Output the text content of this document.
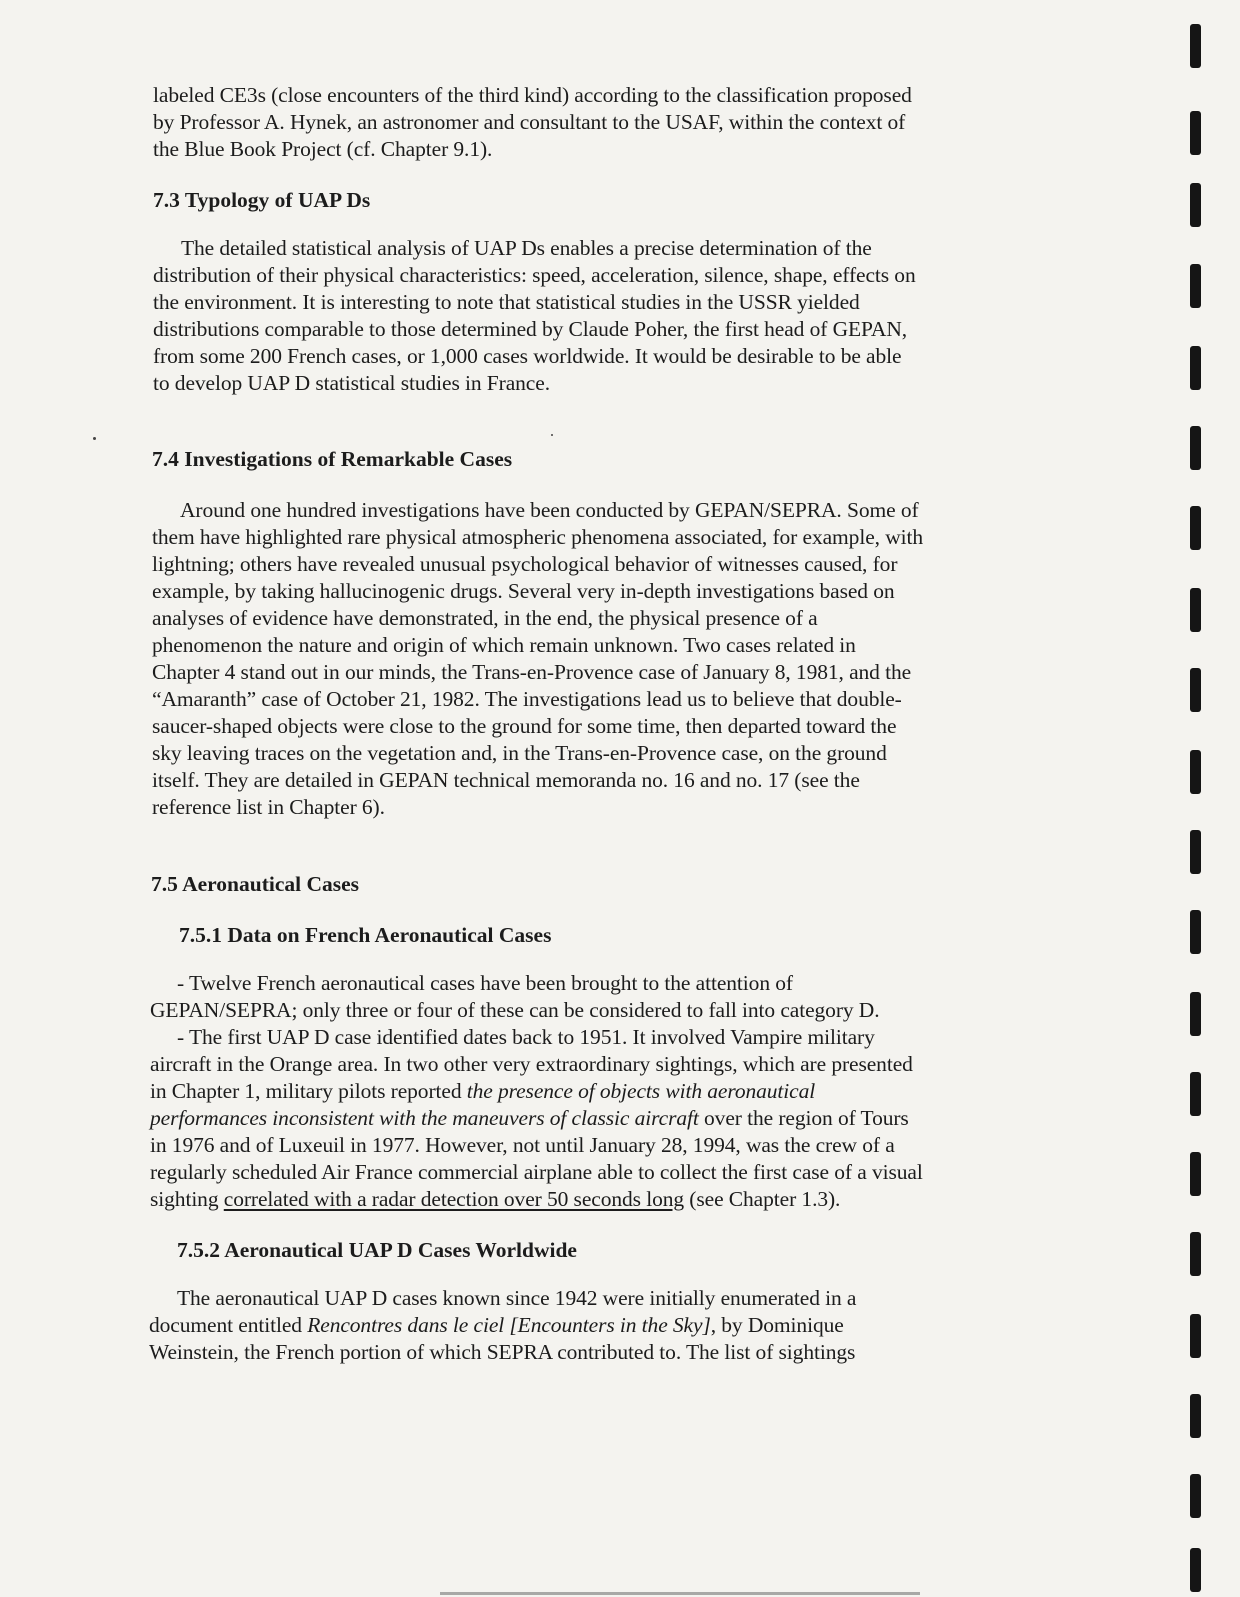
labeled CE3s (close encounters of the third kind) according to the classification proposed
by Professor A. Hynek, an astronomer and consultant to the USAF, within the context of
the Blue Book Project (cf. Chapter 9.1).
7.3 Typology of UAP Ds
The detailed statistical analysis of UAP Ds enables a precise determination of the
distribution of their physical characteristics: speed, acceleration, silence, shape, effects on
the environment. It is interesting to note that statistical studies in the USSR yielded
distributions comparable to those determined by Claude Poher, the first head of GEPAN,
from some 200 French cases, or 1,000 cases worldwide. It would be desirable to be able
to develop UAP D statistical studies in France.
7.4 Investigations of Remarkable Cases
Around one hundred investigations have been conducted by GEPAN/SEPRA. Some of
them have highlighted rare physical atmospheric phenomena associated, for example, with
lightning; others have revealed unusual psychological behavior of witnesses caused, for
example, by taking hallucinogenic drugs. Several very in-depth investigations based on
analyses of evidence have demonstrated, in the end, the physical presence of a
phenomenon the nature and origin of which remain unknown. Two cases related in
Chapter 4 stand out in our minds, the Trans-en-Provence case of January 8, 1981, and the
“Amaranth” case of October 21, 1982. The investigations lead us to believe that double-
saucer-shaped objects were close to the ground for some time, then departed toward the
sky leaving traces on the vegetation and, in the Trans-en-Provence case, on the ground
itself. They are detailed in GEPAN technical memoranda no. 16 and no. 17 (see the
reference list in Chapter 6).
7.5 Aeronautical Cases
7.5.1 Data on French Aeronautical Cases
- Twelve French aeronautical cases have been brought to the attention of
GEPAN/SEPRA; only three or four of these can be considered to fall into category D.
- The first UAP D case identified dates back to 1951. It involved Vampire military
aircraft in the Orange area. In two other very extraordinary sightings, which are presented
in Chapter 1, military pilots reported the presence of objects with aeronautical
performances inconsistent with the maneuvers of classic aircraft over the region of Tours
in 1976 and of Luxeuil in 1977. However, not until January 28, 1994, was the crew of a
regularly scheduled Air France commercial airplane able to collect the first case of a visual
sighting correlated with a radar detection over 50 seconds long (see Chapter 1.3).
7.5.2 Aeronautical UAP D Cases Worldwide
The aeronautical UAP D cases known since 1942 were initially enumerated in a
document entitled Rencontres dans le ciel [Encounters in the Sky], by Dominique
Weinstein, the French portion of which SEPRA contributed to. The list of sightings
